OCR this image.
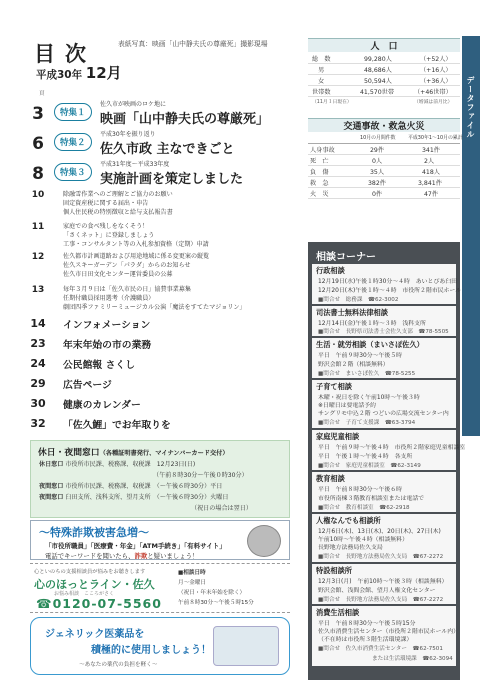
目次
平成30年 12月
表紙写真：映画「山中静夫氏の尊厳死」撮影現場
頁
3	特集１
佐久市が映画のロケ地に
映画「山中静夫氏の尊厳死」
6	特集２
平成30年を振り返り
佐久市政 主なできごと
8	特集３
平成31年度〜平成33年度
実施計画を策定しました
10	除融雪作業へのご理解とご協力のお願い
固定資産税に関する届出・申告
個人住民税の特別徴収と給与支払報告書
11	家庭での食べ残しをなくそう！
「さくネット」に登録しましょう
工事・コンサルタント等の入札参加資格（定期）申請
12	佐久都市計画道路および用途地域に係る変更案の縦覧
佐久スキーガーデン「パラダ」からのお知らせ
佐久市日田文化センター運営委員の公募
13	毎年３月９日は「佐久市民の日」協賛事業募集
任期付職員採用選考（介護職員）
劇団四季ファミリーミュージカル公演「魔法をすてたマジョリン」
14 インフォメーション
23 年末年始の市の業務
24 公民館報 さくし
29 広告ページ
30 健康のカレンダー
32 「佐久鯉」でお年取りを
休日・夜間窓口（各種証明書発行、マイナンバーカード交付）
休日窓口 市役所市民課、税務課、収税課　12月23日(日)
（午前８時30分〜午後０時30分）
夜間窓口 市役所市民課、税務課、収税課　（〜午後６時30分）平日
夜間窓口 臼田支所、浅科支所、望月支所　（〜午後６時30分）火曜日
（祝日の場合は翌日）
〜特殊詐欺被害急増〜
「市役所職員」「医療費・年金」「ATM手続き」「有料サイト」
電話でキーワードを聞いたら、詐欺と疑いましょう！
心といのちの支援相談員が悩みをお聴きします
心のほっとライン・佐久
お悩み相談　こころがさく
☎0120-07-5560
■相談日時
月〜金曜日
（祝日・年末年始を除く）
午前８時30分〜午後５時15分
ジェネリック医薬品を
積極的に使用しましょう！
〜あなたの薬代の負担を軽く〜
データファイル
人　口
総　数	99,280人	（+52人）
男	48,686人	（+16人）
女	50,594人	（+36人）
世帯数	41,570世帯	（+46世帯）
（11月１日現在）	（増減は前月比）
交通事故・救急火災
10月の月間件数	平成30年1〜10月の累計
人身事故	29件	341件
死　亡	0人	2人
負　傷	35人	418人
救　急	382件	3,841件
火　災	0件	47件
相談コーナー
行政相談
12月19日(水)午後１時30分〜４時　あいとぴあ臼田
12月20日(木)午後１時〜４時　市役所２階市民ホール
■問合せ　総務課　☎62-3002
司法書士無料法律相談
12月14日(金)午後１時〜３時　浅科支所
■問合せ　長野県司法書士会佐久支部　☎78-5505
生活・就労相談（まいさぽ佐久）
平日　午前９時30分〜午後５時
野沢会館２階（相談無料）
■問合せ　まいさぽ佐久　☎78-5255
子育て相談
木曜・祝日を除く午前10時〜午後３時
※日曜日は要電話予約
サングリモ中込２階 つどいの広場交流センター内
■問合せ　子育て支援課　☎63-3794
家庭児童相談
平日　午前９時〜午後４時　市役所２階家庭児童相談室
平日　午後１時〜午後４時　各支所
■問合せ　家庭児童相談室　☎62-3149
教育相談
平日　午前８時30分〜午後６時
市役所南棟３階教育相談室または電話で
■問合せ　教育相談室　☎62-2918
人権なんでも相談所
12月6日(木)、13日(木)、20日(木)、27日(木)
午前10時〜午後４時（相談無料）
長野地方法務局佐久支局
■問合せ　長野地方法務局佐久支局　☎67-2272
特設相談所
12月3日(月)　午前10時〜午後３時（相談無料）
野沢会館、浅間会館、望月人権文化センター
■問合せ　長野地方法務局佐久支局　☎67-2272
消費生活相談
平日　午前８時30分〜午後５時15分
佐久市消費生活センター（市役所２階市民ホール内）
（不在時は市役所３階生活環境課）
■問合せ　佐久市消費生活センター　☎62-7501
または生活環境課　☎62-3094
